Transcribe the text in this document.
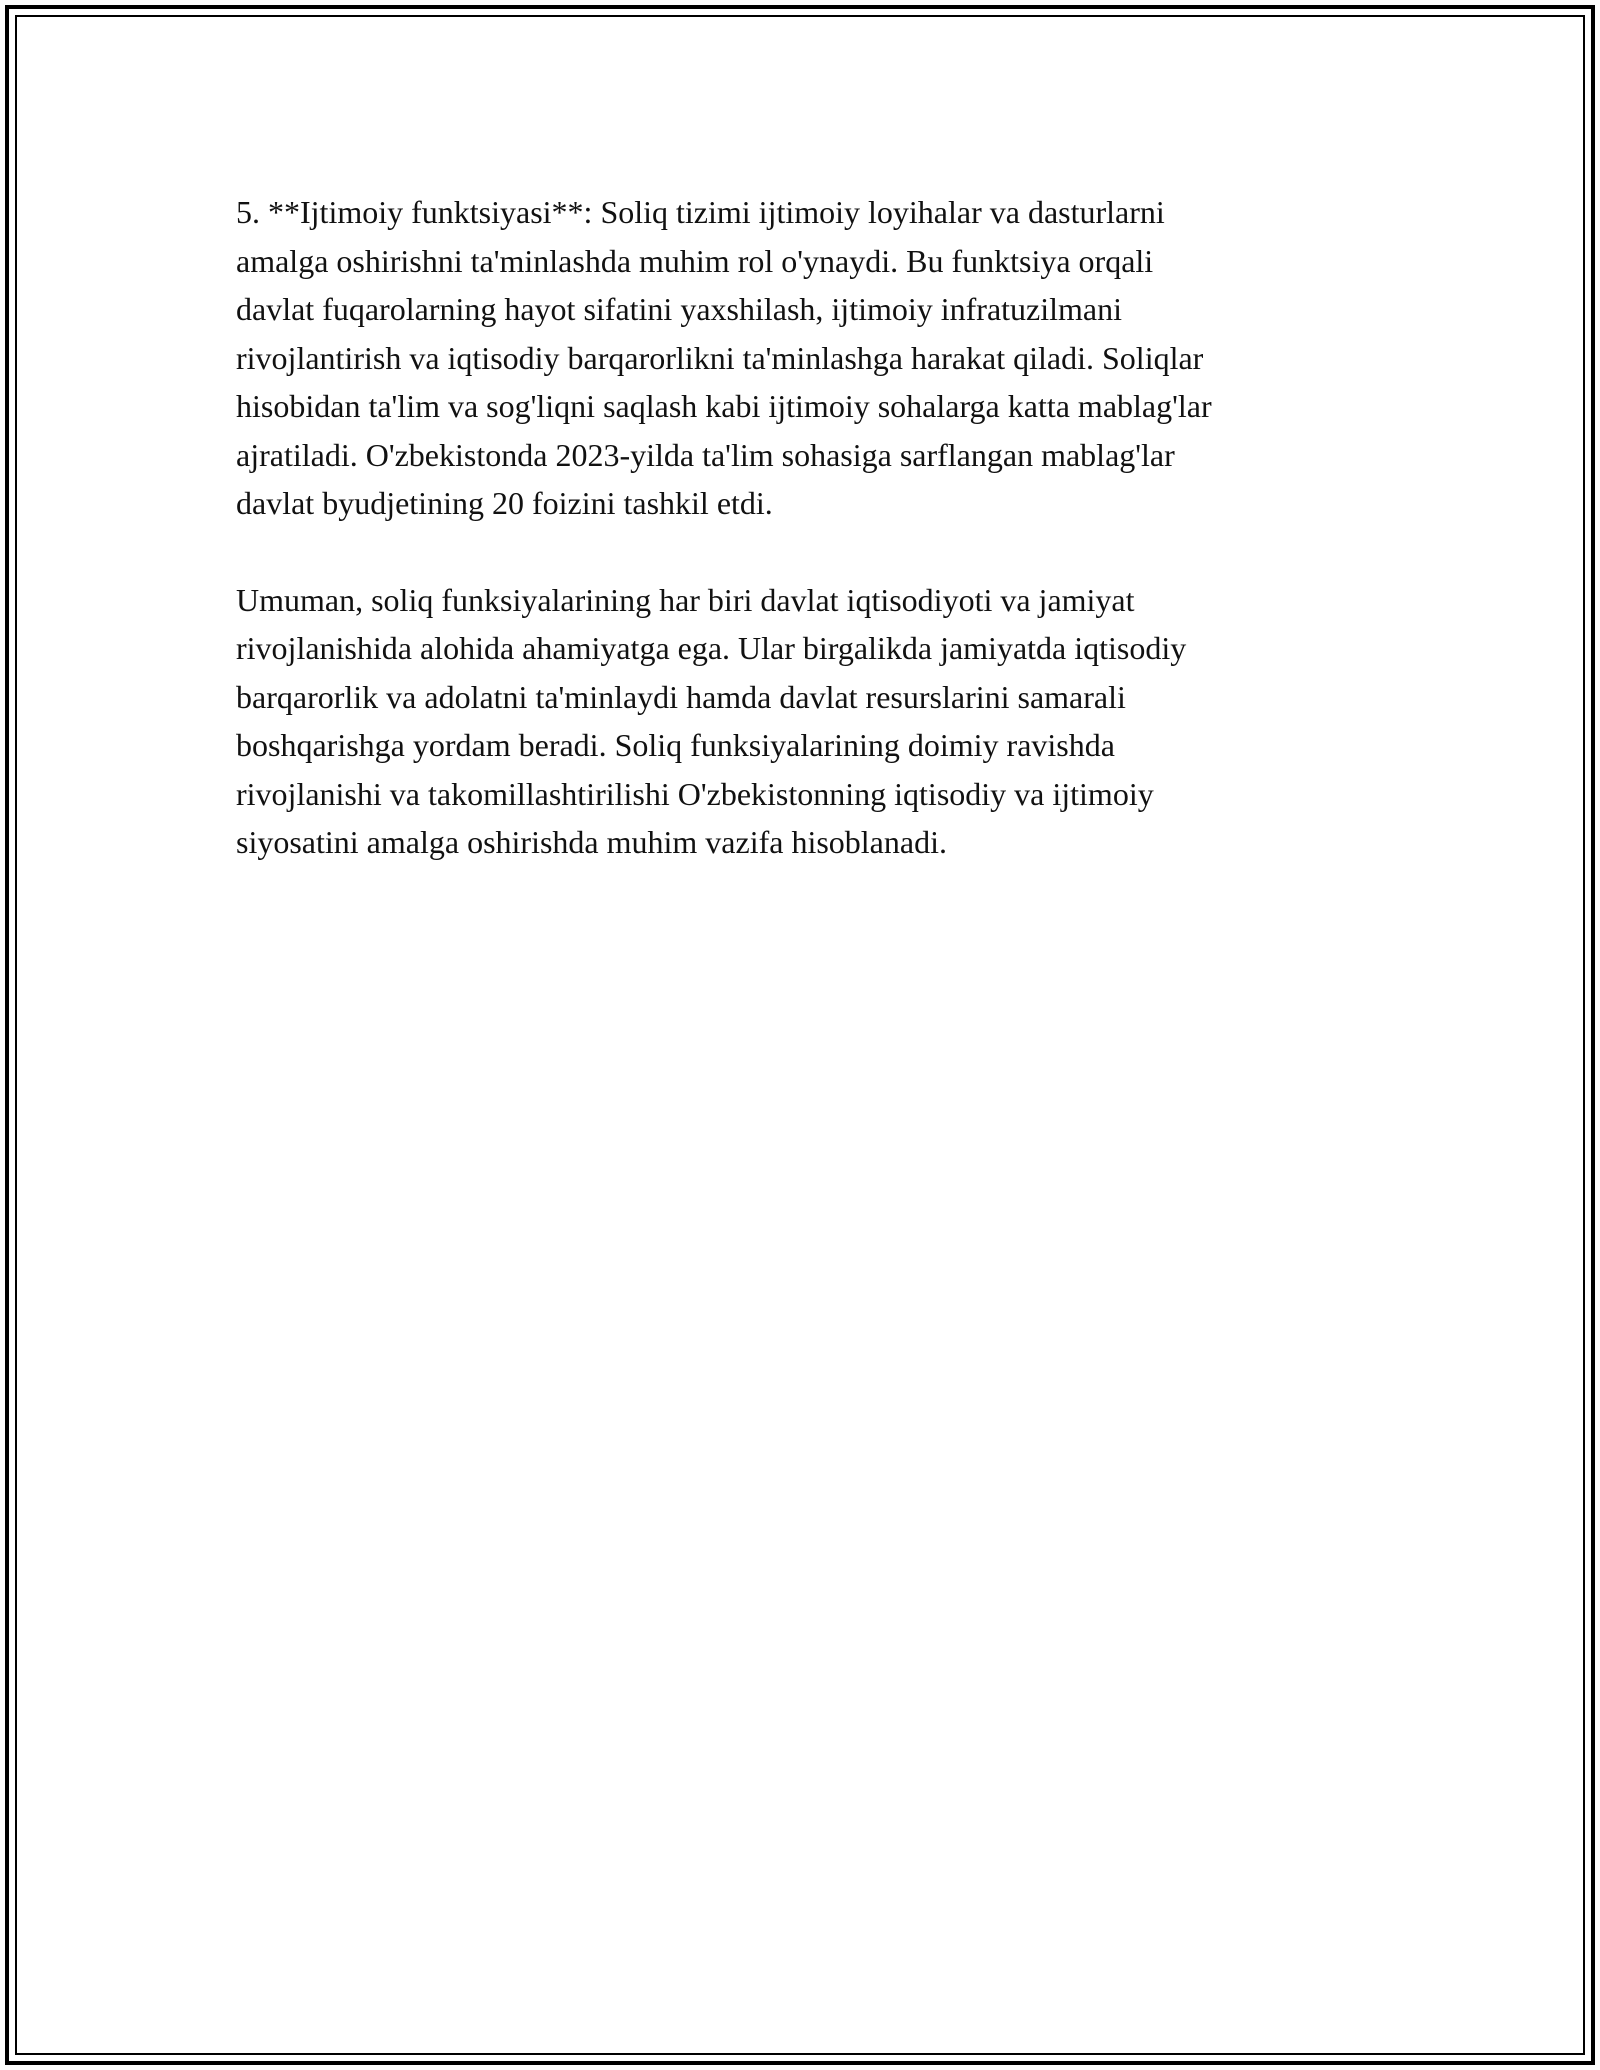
5. **Ijtimoiy funktsiyasi**: Soliq tizimi ijtimoiy loyihalar va dasturlarni
amalga oshirishni ta'minlashda muhim rol o'ynaydi. Bu funktsiya orqali
davlat fuqarolarning hayot sifatini yaxshilash, ijtimoiy infratuzilmani
rivojlantirish va iqtisodiy barqarorlikni ta'minlashga harakat qiladi. Soliqlar
hisobidan ta'lim va sog'liqni saqlash kabi ijtimoiy sohalarga katta mablag'lar
ajratiladi. O'zbekistonda 2023-yilda ta'lim sohasiga sarflangan mablag'lar
davlat byudjetining 20 foizini tashkil etdi.

Umuman, soliq funksiyalarining har biri davlat iqtisodiyoti va jamiyat
rivojlanishida alohida ahamiyatga ega. Ular birgalikda jamiyatda iqtisodiy
barqarorlik va adolatni ta'minlaydi hamda davlat resurslarini samarali
boshqarishga yordam beradi. Soliq funksiyalarining doimiy ravishda
rivojlanishi va takomillashtirilishi O'zbekistonning iqtisodiy va ijtimoiy
siyosatini amalga oshirishda muhim vazifa hisoblanadi.
